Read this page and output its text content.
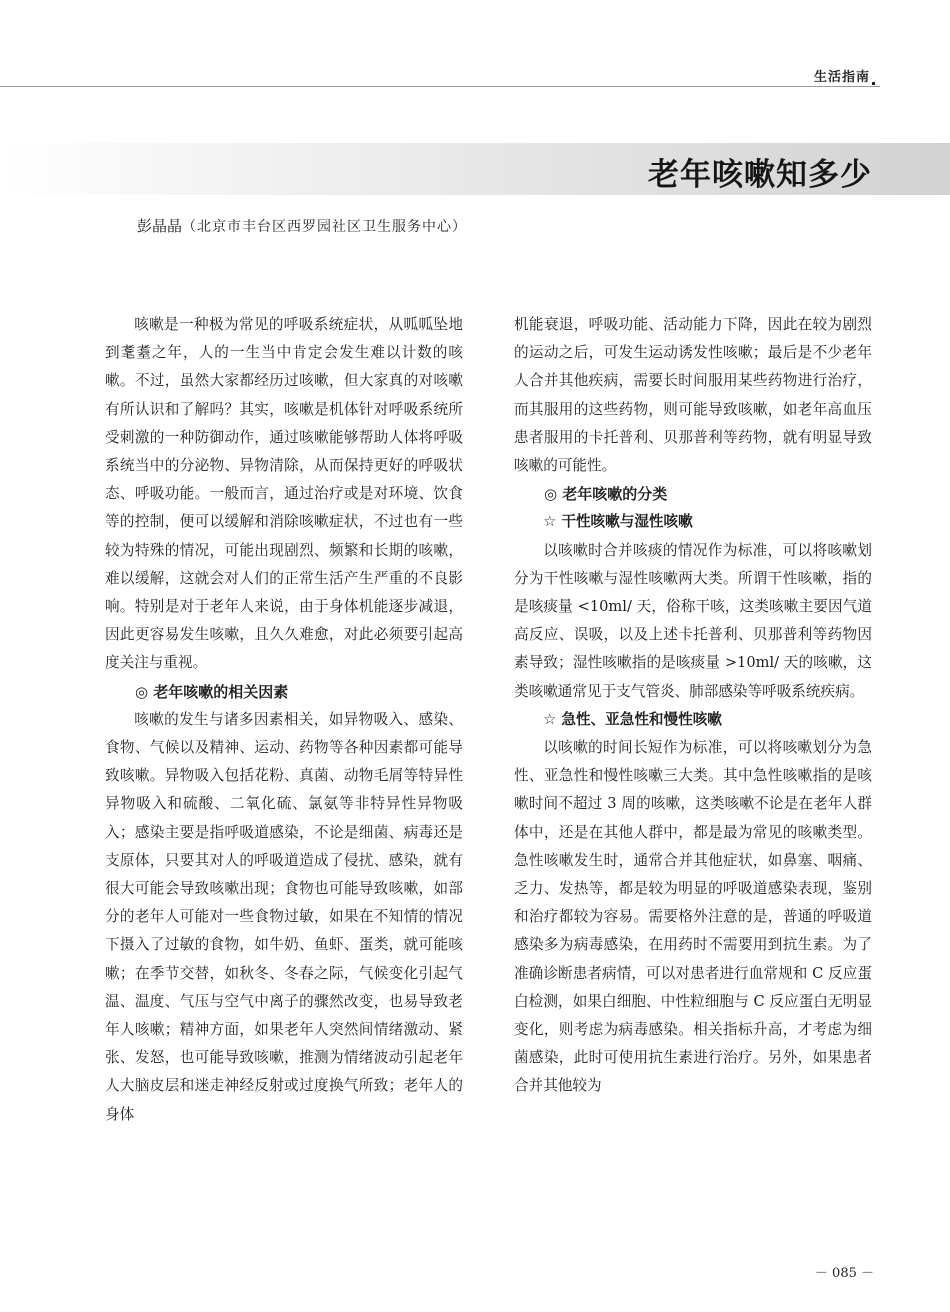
生活指南
老年咳嗽知多少
彭晶晶（北京市丰台区西罗园社区卫生服务中心）

咳嗽是一种极为常见的呼吸系统症状，从呱呱坠地到耄耋之年，人的一生当中肯定会发生难以计数的咳嗽。不过，虽然大家都经历过咳嗽，但大家真的对咳嗽有所认识和了解吗？其实，咳嗽是机体针对呼吸系统所受刺激的一种防御动作，通过咳嗽能够帮助人体将呼吸系统当中的分泌物、异物清除，从而保持更好的呼吸状态、呼吸功能。一般而言，通过治疗或是对环境、饮食等的控制，便可以缓解和消除咳嗽症状，不过也有一些较为特殊的情况，可能出现剧烈、频繁和长期的咳嗽，难以缓解，这就会对人们的正常生活产生严重的不良影响。特别是对于老年人来说，由于身体机能逐步减退，因此更容易发生咳嗽，且久久难愈，对此必须要引起高度关注与重视。

◎ 老年咳嗽的相关因素

咳嗽的发生与诸多因素相关，如异物吸入、感染、食物、气候以及精神、运动、药物等各种因素都可能导致咳嗽。异物吸入包括花粉、真菌、动物毛屑等特异性异物吸入和硫酸、二氧化硫、氯氨等非特异性异物吸入；感染主要是指呼吸道感染，不论是细菌、病毒还是支原体，只要其对人的呼吸道造成了侵扰、感染，就有很大可能会导致咳嗽出现；食物也可能导致咳嗽，如部分的老年人可能对一些食物过敏，如果在不知情的情况下摄入了过敏的食物，如牛奶、鱼虾、蛋类，就可能咳嗽；在季节交替，如秋冬、冬春之际，气候变化引起气温、温度、气压与空气中离子的骤然改变，也易导致老年人咳嗽；精神方面，如果老年人突然间情绪激动、紧张、发怒，也可能导致咳嗽，推测为情绪波动引起老年人大脑皮层和迷走神经反射或过度换气所致；老年人的身体

机能衰退，呼吸功能、活动能力下降，因此在较为剧烈的运动之后，可发生运动诱发性咳嗽；最后是不少老年人合并其他疾病，需要长时间服用某些药物进行治疗，而其服用的这些药物，则可能导致咳嗽，如老年高血压患者服用的卡托普利、贝那普利等药物，就有明显导致咳嗽的可能性。

◎ 老年咳嗽的分类
☆ 干性咳嗽与湿性咳嗽

以咳嗽时合并咳痰的情况作为标准，可以将咳嗽划分为干性咳嗽与湿性咳嗽两大类。所谓干性咳嗽，指的是咳痰量 <10ml/ 天，俗称干咳，这类咳嗽主要因气道高反应、误吸，以及上述卡托普利、贝那普利等药物因素导致；湿性咳嗽指的是咳痰量 >10ml/ 天的咳嗽，这类咳嗽通常见于支气管炎、肺部感染等呼吸系统疾病。

☆ 急性、亚急性和慢性咳嗽

以咳嗽的时间长短作为标准，可以将咳嗽划分为急性、亚急性和慢性咳嗽三大类。其中急性咳嗽指的是咳嗽时间不超过 3 周的咳嗽，这类咳嗽不论是在老年人群体中，还是在其他人群中，都是最为常见的咳嗽类型。急性咳嗽发生时，通常合并其他症状，如鼻塞、咽痛、乏力、发热等，都是较为明显的呼吸道感染表现，鉴别和治疗都较为容易。需要格外注意的是，普通的呼吸道感染多为病毒感染，在用药时不需要用到抗生素。为了准确诊断患者病情，可以对患者进行血常规和 C 反应蛋白检测，如果白细胞、中性粒细胞与 C 反应蛋白无明显变化，则考虑为病毒感染。相关指标升高，才考虑为细菌感染，此时可使用抗生素进行治疗。另外，如果患者合并其他较为

－ 085 －
